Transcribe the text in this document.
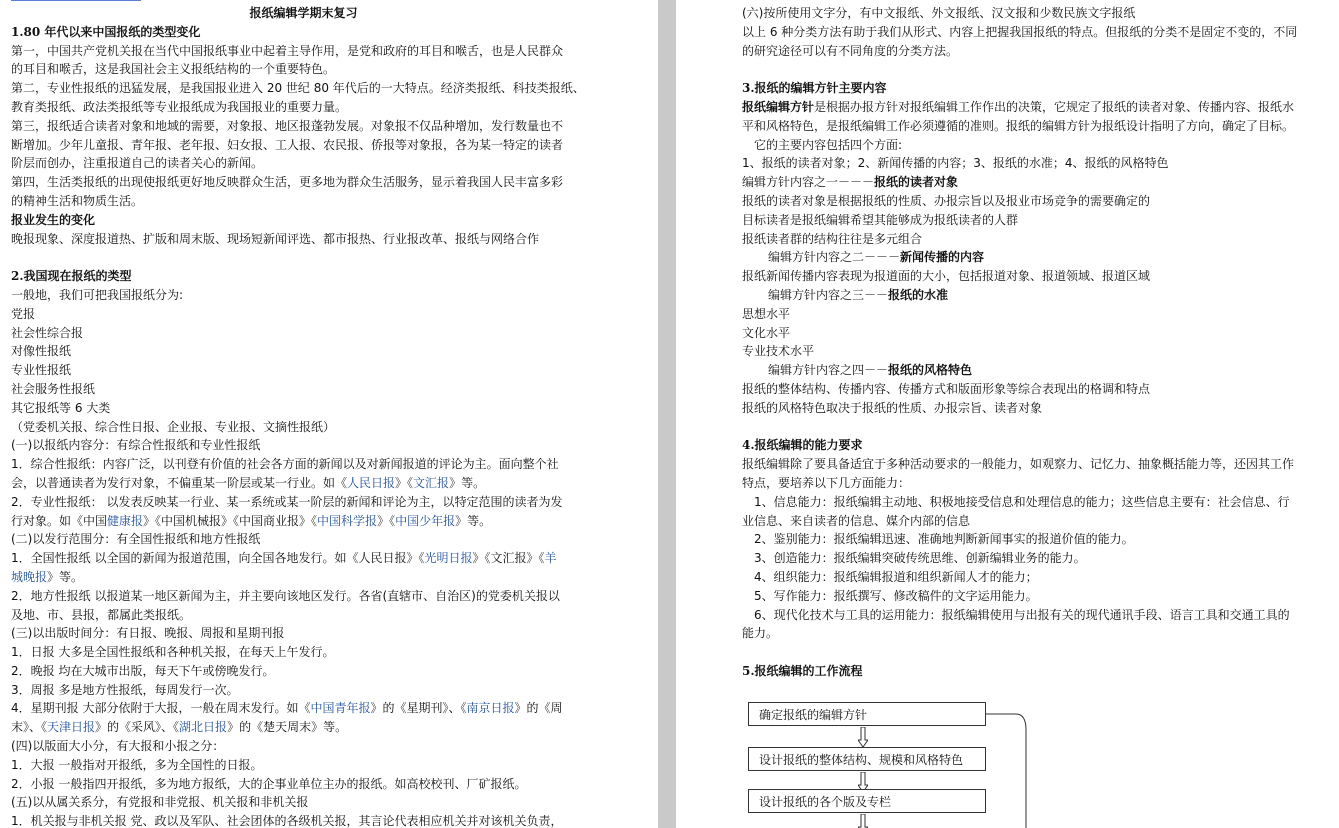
报纸编辑学期末复习
1.80 年代以来中国报纸的类型变化
第一，中国共产党机关报在当代中国报纸事业中起着主导作用，是党和政府的耳目和喉舌，也是人民群众
的耳目和喉舌，这是我国社会主义报纸结构的一个重要特色。
第二，专业性报纸的迅猛发展，是我国报业进入 20 世纪 80 年代后的一大特点。经济类报纸、科技类报纸、
教育类报纸、政法类报纸等专业报纸成为我国报业的重要力量。
第三，报纸适合读者对象和地域的需要，对象报、地区报蓬勃发展。对象报不仅品种增加，发行数量也不
断增加。少年儿童报、青年报、老年报、妇女报、工人报、农民报、侨报等对象报，各为某一特定的读者
阶层而创办，注重报道自己的读者关心的新闻。
第四，生活类报纸的出现使报纸更好地反映群众生活，更多地为群众生活服务，显示着我国人民丰富多彩
的精神生活和物质生活。
报业发生的变化
晚报现象、深度报道热、扩版和周末版、现场短新闻评选、都市报热、行业报改革、报纸与网络合作
2.我国现在报纸的类型
一般地，我们可把我国报纸分为:
党报
社会性综合报
对像性报纸
专业性报纸
社会服务性报纸
其它报纸等 6 大类
（党委机关报、综合性日报、企业报、专业报、文摘性报纸）
(一)以报纸内容分：有综合性报纸和专业性报纸
1．综合性报纸：内容广泛，以刊登有价值的社会各方面的新闻以及对新闻报道的评论为主。面向整个社
会，以普通读者为发行对象，不偏重某一阶层或某一行业。如《人民日报》《文汇报》等。
2．专业性报纸： 以发表反映某一行业、某一系统或某一阶层的新闻和评论为主，以特定范围的读者为发
行对象。如《中国健康报》《中国机械报》《中国商业报》《中国科学报》《中国少年报》等。
(二)以发行范围分：有全国性报纸和地方性报纸
1．全国性报纸 以全国的新闻为报道范围，向全国各地发行。如《人民日报》《光明日报》《文汇报》《羊
城晚报》等。
2．地方性报纸 以报道某一地区新闻为主，并主要向该地区发行。各省(直辖市、自治区)的党委机关报以
及地、市、县报，都属此类报纸。
(三)以出版时间分：有日报、晚报、周报和星期刊报
1．日报 大多是全国性报纸和各种机关报，在每天上午发行。
2．晚报 均在大城市出版，每天下午或傍晚发行。
3．周报 多是地方性报纸，每周发行一次。
4．星期刊报 大部分依附于大报，一般在周末发行。如《中国青年报》的《星期刊》、《南京日报》的《周
末》、《天津日报》的《采风》、《湖北日报》的《楚天周末》等。
(四)以版面大小分，有大报和小报之分：
1．大报 一般指对开报纸，多为全国性的日报。
2．小报 一般指四开报纸，多为地方报纸，大的企事业单位主办的报纸。如高校校刊、厂矿报纸。
(五)以从属关系分，有党报和非党报、机关报和非机关报
1．机关报与非机关报 党、政以及军队、社会团体的各级机关报，其言论代表相应机关并对该机关负责，
(六)按所使用文字分，有中文报纸、外文报纸、汉文报和少数民族文字报纸
以上 6 种分类方法有助于我们从形式、内容上把握我国报纸的特点。但报纸的分类不是固定不变的，不同
的研究途径可以有不同角度的分类方法。
3.报纸的编辑方针主要内容
报纸编辑方针是根据办报方针对报纸编辑工作作出的决策，它规定了报纸的读者对象、传播内容、报纸水
平和风格特色，是报纸编辑工作必须遵循的准则。报纸的编辑方针为报纸设计指明了方向，确定了目标。
它的主要内容包括四个方面:
1、报纸的读者对象；2、新闻传播的内容；3、报纸的水准；4、报纸的风格特色
编辑方针内容之一－－－报纸的读者对象
报纸的读者对象是根据报纸的性质、办报宗旨以及报业市场竞争的需要确定的
目标读者是报纸编辑希望其能够成为报纸读者的人群
报纸读者群的结构往往是多元组合
编辑方针内容之二－－－新闻传播的内容
报纸新闻传播内容表现为报道面的大小，包括报道对象、报道领域、报道区域
编辑方针内容之三－－报纸的水准
思想水平
文化水平
专业技术水平
编辑方针内容之四－－报纸的风格特色
报纸的整体结构、传播内容、传播方式和版面形象等综合表现出的格调和特点
报纸的风格特色取决于报纸的性质、办报宗旨、读者对象
4.报纸编辑的能力要求
报纸编辑除了要具备适宜于多种活动要求的一般能力，如观察力、记忆力、抽象概括能力等，还因其工作
特点，要培养以下几方面能力：
1、信息能力：报纸编辑主动地、积极地接受信息和处理信息的能力；这些信息主要有：社会信息、行
业信息、来自读者的信息、媒介内部的信息
2、鉴别能力：报纸编辑迅速、准确地判断新闻事实的报道价值的能力。
3、创造能力：报纸编辑突破传统思维、创新编辑业务的能力。
4、组织能力：报纸编辑报道和组织新闻人才的能力；
5、写作能力：报纸撰写、修改稿件的文字运用能力。
6、现代化技术与工具的运用能力：报纸编辑使用与出报有关的现代通讯手段、语言工具和交通工具的
能力。
5.报纸编辑的工作流程
确定报纸的编辑方针
设计报纸的整体结构、规模和风格特色
设计报纸的各个版及专栏
